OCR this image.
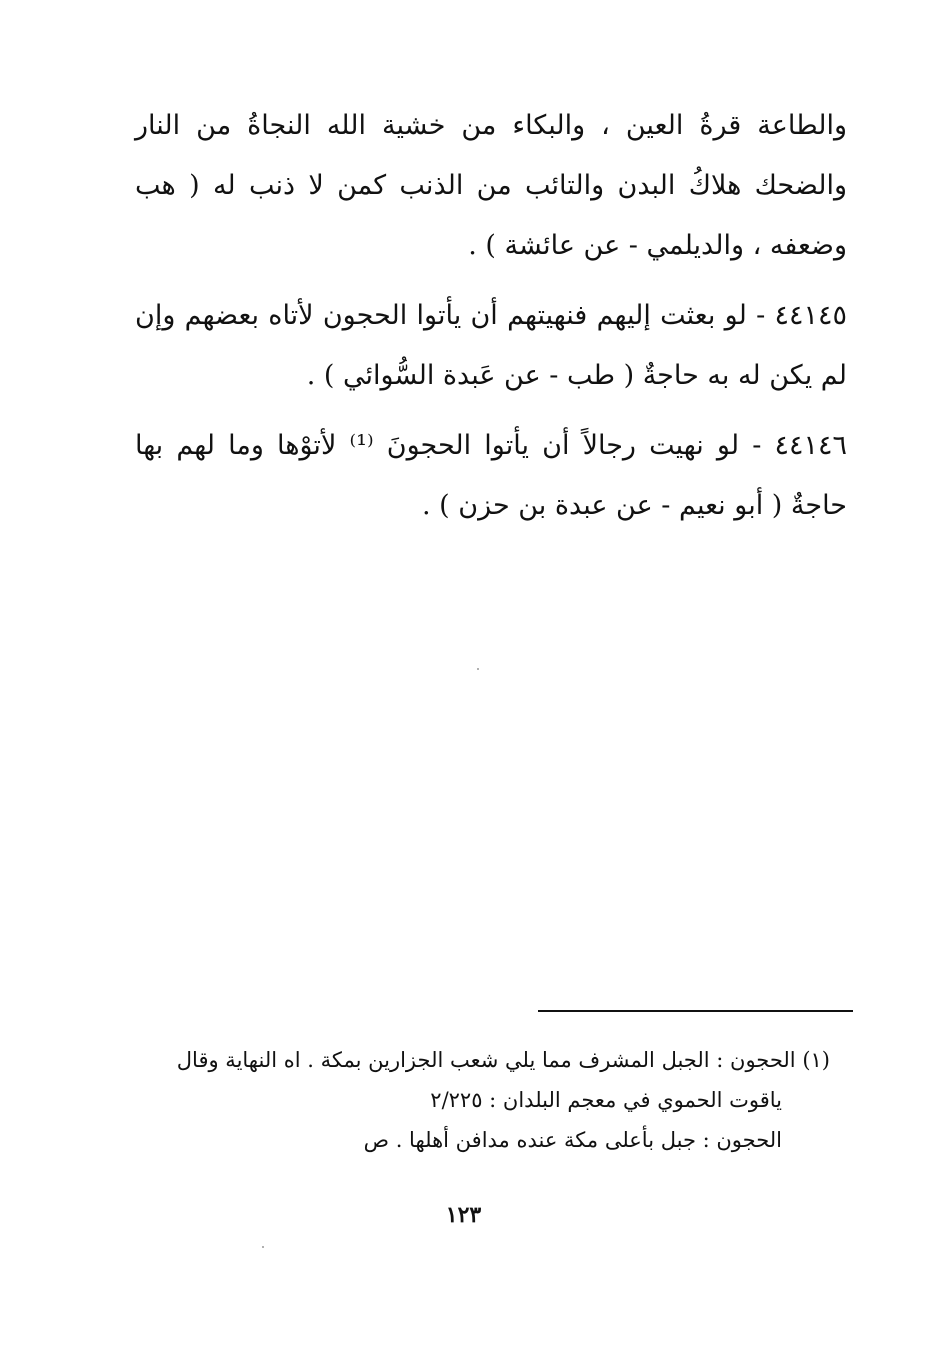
والطاعة قرةُ العين ، والبكاء من خشية الله النجاةُ من النار والضحك هلاكُ البدن والتائب من الذنب كمن لا ذنب له ( هب وضعفه ، والديلمي - عن عائشة ) .

٤٤١٤٥ - لو بعثت إليهم فنهيتهم أن يأتوا الحجون لأتاه بعضهم وإن لم يكن له به حاجةٌ ( طب - عن عَبدة السُّوائي ) .

٤٤١٤٦ - لو نهيت رجالاً أن يأتوا الحجونَ ⁽¹⁾ لأتوْها وما لهم بها حاجةٌ ( أبو نعيم - عن عبدة بن حزن ) .

(١) الحجون : الجبل المشرف مما يلي شعب الجزارين بمكة . اه النهاية وقال
ياقوت الحموي في معجم البلدان : ٢/٢٢٥
الحجون : جبل بأعلى مكة عنده مدافن أهلها . ص
١٢٣
